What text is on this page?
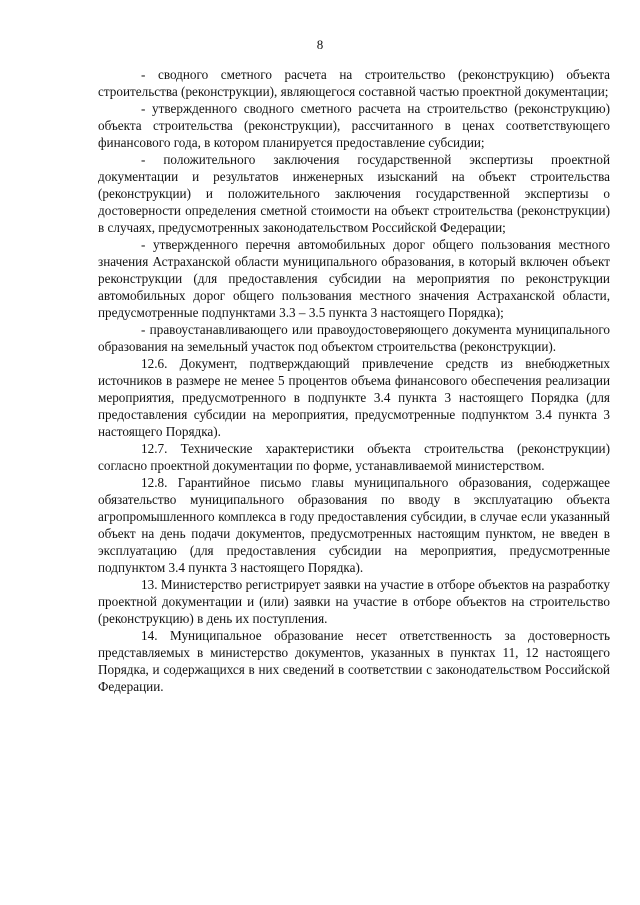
8

- сводного сметного расчета на строительство (реконструкцию) объекта строительства (реконструкции), являющегося составной частью проектной документации;

- утвержденного сводного сметного расчета на строительство (реконструкцию) объекта строительства (реконструкции), рассчитанного в ценах соответствующего финансового года, в котором планируется предоставление субсидии;

- положительного заключения государственной экспертизы проектной документации и результатов инженерных изысканий на объект строительства (реконструкции) и положительного заключения государственной экспертизы о достоверности определения сметной стоимости на объект строительства (реконструкции) в случаях, предусмотренных законодательством Российской Федерации;

- утвержденного перечня автомобильных дорог общего пользования местного значения Астраханской области муниципального образования, в который включен объект реконструкции (для предоставления субсидии на мероприятия по реконструкции автомобильных дорог общего пользования местного значения Астраханской области, предусмотренные подпунктами 3.3 – 3.5 пункта 3 настоящего Порядка);

- правоустанавливающего или правоудостоверяющего документа муниципального образования на земельный участок под объектом строительства (реконструкции).

12.6. Документ, подтверждающий привлечение средств из внебюджетных источников в размере не менее 5 процентов объема финансового обеспечения реализации мероприятия, предусмотренного в подпункте 3.4 пункта 3 настоящего Порядка (для предоставления субсидии на мероприятия, предусмотренные подпунктом 3.4 пункта 3 настоящего Порядка).

12.7. Технические характеристики объекта строительства (реконструкции) согласно проектной документации по форме, устанавливаемой министерством.

12.8. Гарантийное письмо главы муниципального образования, содержащее обязательство муниципального образования по вводу в эксплуатацию объекта агропромышленного комплекса в году предоставления субсидии, в случае если указанный объект на день подачи документов, предусмотренных настоящим пунктом, не введен в эксплуатацию (для предоставления субсидии на мероприятия, предусмотренные подпунктом 3.4 пункта 3 настоящего Порядка).

13. Министерство регистрирует заявки на участие в отборе объектов на разработку проектной документации и (или) заявки на участие в отборе объектов на строительство (реконструкцию) в день их поступления.

14. Муниципальное образование несет ответственность за достоверность представляемых в министерство документов, указанных в пунктах 11, 12 настоящего Порядка, и содержащихся в них сведений в соответствии с законодательством Российской Федерации.
